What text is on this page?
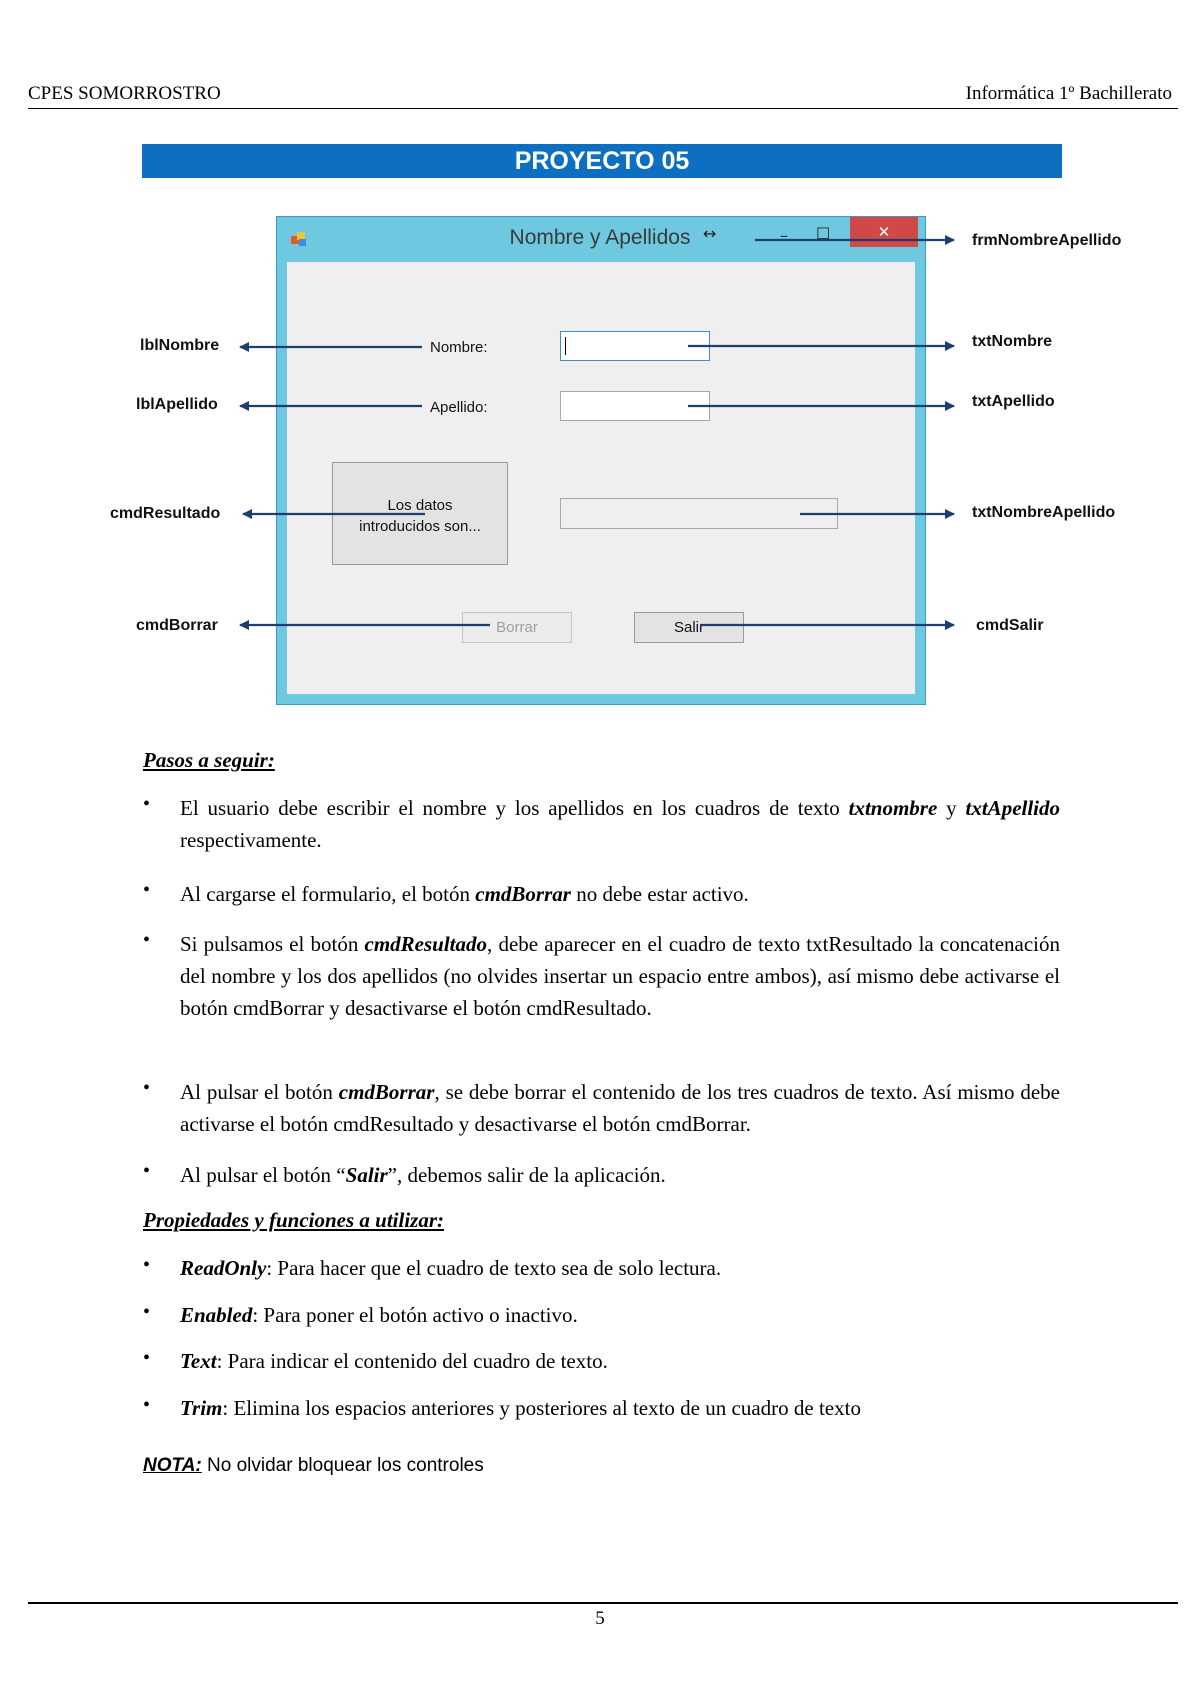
CPES SOMORROSTRO	Informática 1º Bachillerato
PROYECTO 05
Nombre y Apellidos ↔	– ☐	✕
Nombre:
Apellido:
Los datos
introducidos son...
Borrar	Salir
frmNombreApellido
lblNombre	txtNombre
lblApellido	txtApellido
cmdResultado	txtNombreApellido
cmdBorrar	cmdSalir
Pasos a seguir:
• El usuario debe escribir el nombre y los apellidos en los cuadros de texto txtnombre y txtApellido respectivamente.
• Al cargarse el formulario, el botón cmdBorrar no debe estar activo.
• Si pulsamos el botón cmdResultado, debe aparecer en el cuadro de texto txtResultado la concatenación del nombre y los dos apellidos (no olvides insertar un espacio entre ambos), así mismo debe activarse el botón cmdBorrar y desactivarse el botón cmdResultado.
• Al pulsar el botón cmdBorrar, se debe borrar el contenido de los tres cuadros de texto. Así mismo debe activarse el botón cmdResultado y desactivarse el botón cmdBorrar.
• Al pulsar el botón “Salir”, debemos salir de la aplicación.
Propiedades y funciones a utilizar:
• ReadOnly: Para hacer que el cuadro de texto sea de solo lectura.
• Enabled: Para poner el botón activo o inactivo.
• Text: Para indicar el contenido del cuadro de texto.
• Trim: Elimina los espacios anteriores y posteriores al texto de un cuadro de texto
NOTA: No olvidar bloquear los controles
5
